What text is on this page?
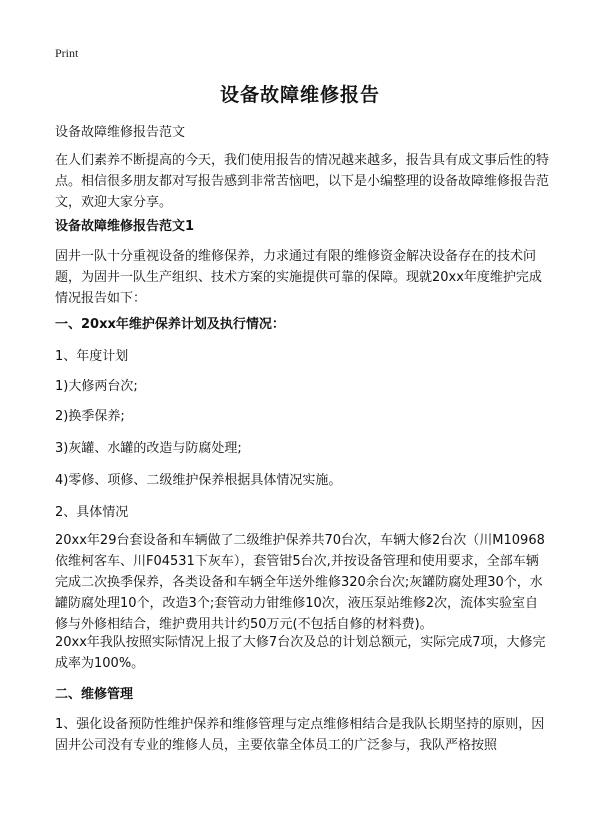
Print
设备故障维修报告

设备故障维修报告范文

在人们素养不断提高的今天，我们使用报告的情况越来越多，报告具有成文事后性的特点。相信很多朋友都对写报告感到非常苦恼吧，以下是小编整理的设备故障维修报告范文，欢迎大家分享。

设备故障维修报告范文1

固井一队十分重视设备的维修保养，力求通过有限的维修资金解决设备存在的技术问题，为固井一队生产组织、技术方案的实施提供可靠的保障。现就20xx年度维护完成情况报告如下：

一、20xx年维护保养计划及执行情况：

1、年度计划

1)大修两台次;

2)换季保养;

3)灰罐、水罐的改造与防腐处理;

4)零修、项修、二级维护保养根据具体情况实施。

2、具体情况

20xx年29台套设备和车辆做了二级维护保养共70台次，车辆大修2台次（川M10968依维柯客车、川F04531下灰车），套管钳5台次,并按设备管理和使用要求，全部车辆完成二次换季保养，各类设备和车辆全年送外维修320余台次;灰罐防腐处理30个，水罐防腐处理10个，改造3个;套管动力钳维修10次，液压泵站维修2次，流体实验室自修与外修相结合，维护费用共计约50万元(不包括自修的材料费)。

20xx年我队按照实际情况上报了大修7台次及总的计划总额元，实际完成7项，大修完成率为100%。

二、维修管理

1、强化设备预防性维护保养和维修管理与定点维修相结合是我队长期坚持的原则，因固井公司没有专业的维修人员，主要依靠全体员工的广泛参与，我队严格按照
